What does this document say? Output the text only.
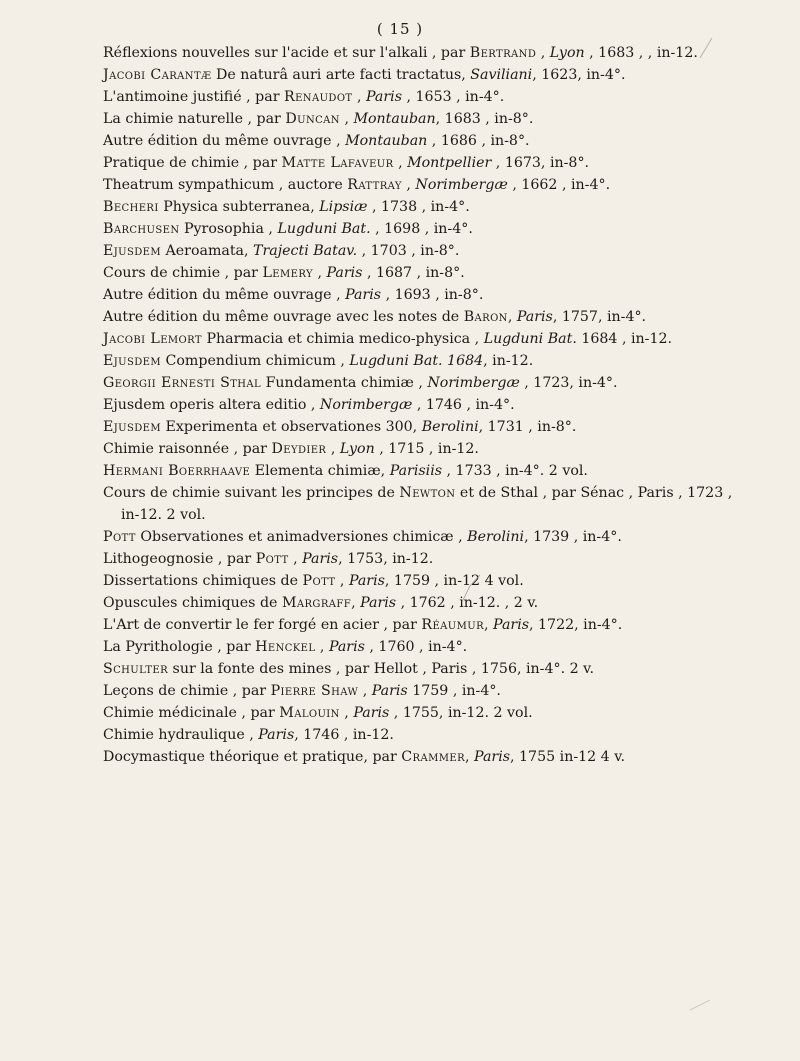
( 15 )
Réflexions nouvelles sur l'acide et sur l'alkali , par Bertrand , Lyon , 1683 , , in-12.
Jacobi Carantæ De naturâ auri arte facti tractatus, Saviliani, 1623, in-4°.
L'antimoine justifié , par Renaudot , Paris , 1653 , in-4°.
La chimie naturelle , par Duncan , Montauban, 1683 , in-8°.
Autre édition du même ouvrage , Montauban , 1686 , in-8°.
Pratique de chimie , par Matte Lafaveur , Montpellier , 1673, in-8°.
Theatrum sympathicum , auctore Rattray , Norimbergæ , 1662 , in-4°.
Becheri Physica subterranea, Lipsiæ , 1738 , in-4°.
Barchusen Pyrosophia , Lugduni Bat. , 1698 , in-4°.
Ejusdem Aeroamata, Trajecti Batav. , 1703 , in-8°.
Cours de chimie , par Lemery , Paris , 1687 , in-8°.
Autre édition du même ouvrage , Paris , 1693 , in-8°.
Autre édition du même ouvrage avec les notes de Baron, Paris, 1757, in-4°.
Jacobi Lemort Pharmacia et chimia medico-physica , Lugduni Bat. 1684 , in-12.
Ejusdem Compendium chimicum , Lugduni Bat. 1684, in-12.
Georgii Ernesti Sthal Fundamenta chimiæ , Norimbergæ , 1723, in-4°.
Ejusdem operis altera editio , Norimbergæ , 1746 , in-4°.
Ejusdem Experimenta et observationes 300, Berolini, 1731 , in-8°.
Chimie raisonnée , par Deydier , Lyon , 1715 , in-12.
Hermani Boerrhaave Elementa chimiæ, Parisiis , 1733 , in-4°. 2 vol.
Cours de chimie suivant les principes de Newton et de Sthal , par Sénac , Paris , 1723 , in-12. 2 vol.
Pott Observationes et animadversiones chimicæ , Berolini, 1739 , in-4°.
Lithogeognosie , par Pott , Paris, 1753, in-12.
Dissertations chimiques de Pott , Paris, 1759 , in-12 4 vol.
Opuscules chimiques de Margraff, Paris , 1762 , in-12. , 2 v.
L'Art de convertir le fer forgé en acier , par Réaumur, Paris, 1722, in-4°.
La Pyrithologie , par Henckel , Paris , 1760 , in-4°.
Schulter sur la fonte des mines , par Hellot , Paris , 1756, in-4°. 2 v.
Leçons de chimie , par Pierre Shaw , Paris 1759 , in-4°.
Chimie médicinale , par Malouin , Paris , 1755, in-12. 2 vol.
Chimie hydraulique , Paris, 1746 , in-12.
Docymastique théorique et pratique, par Crammer, Paris, 1755 in-12 4 v.
